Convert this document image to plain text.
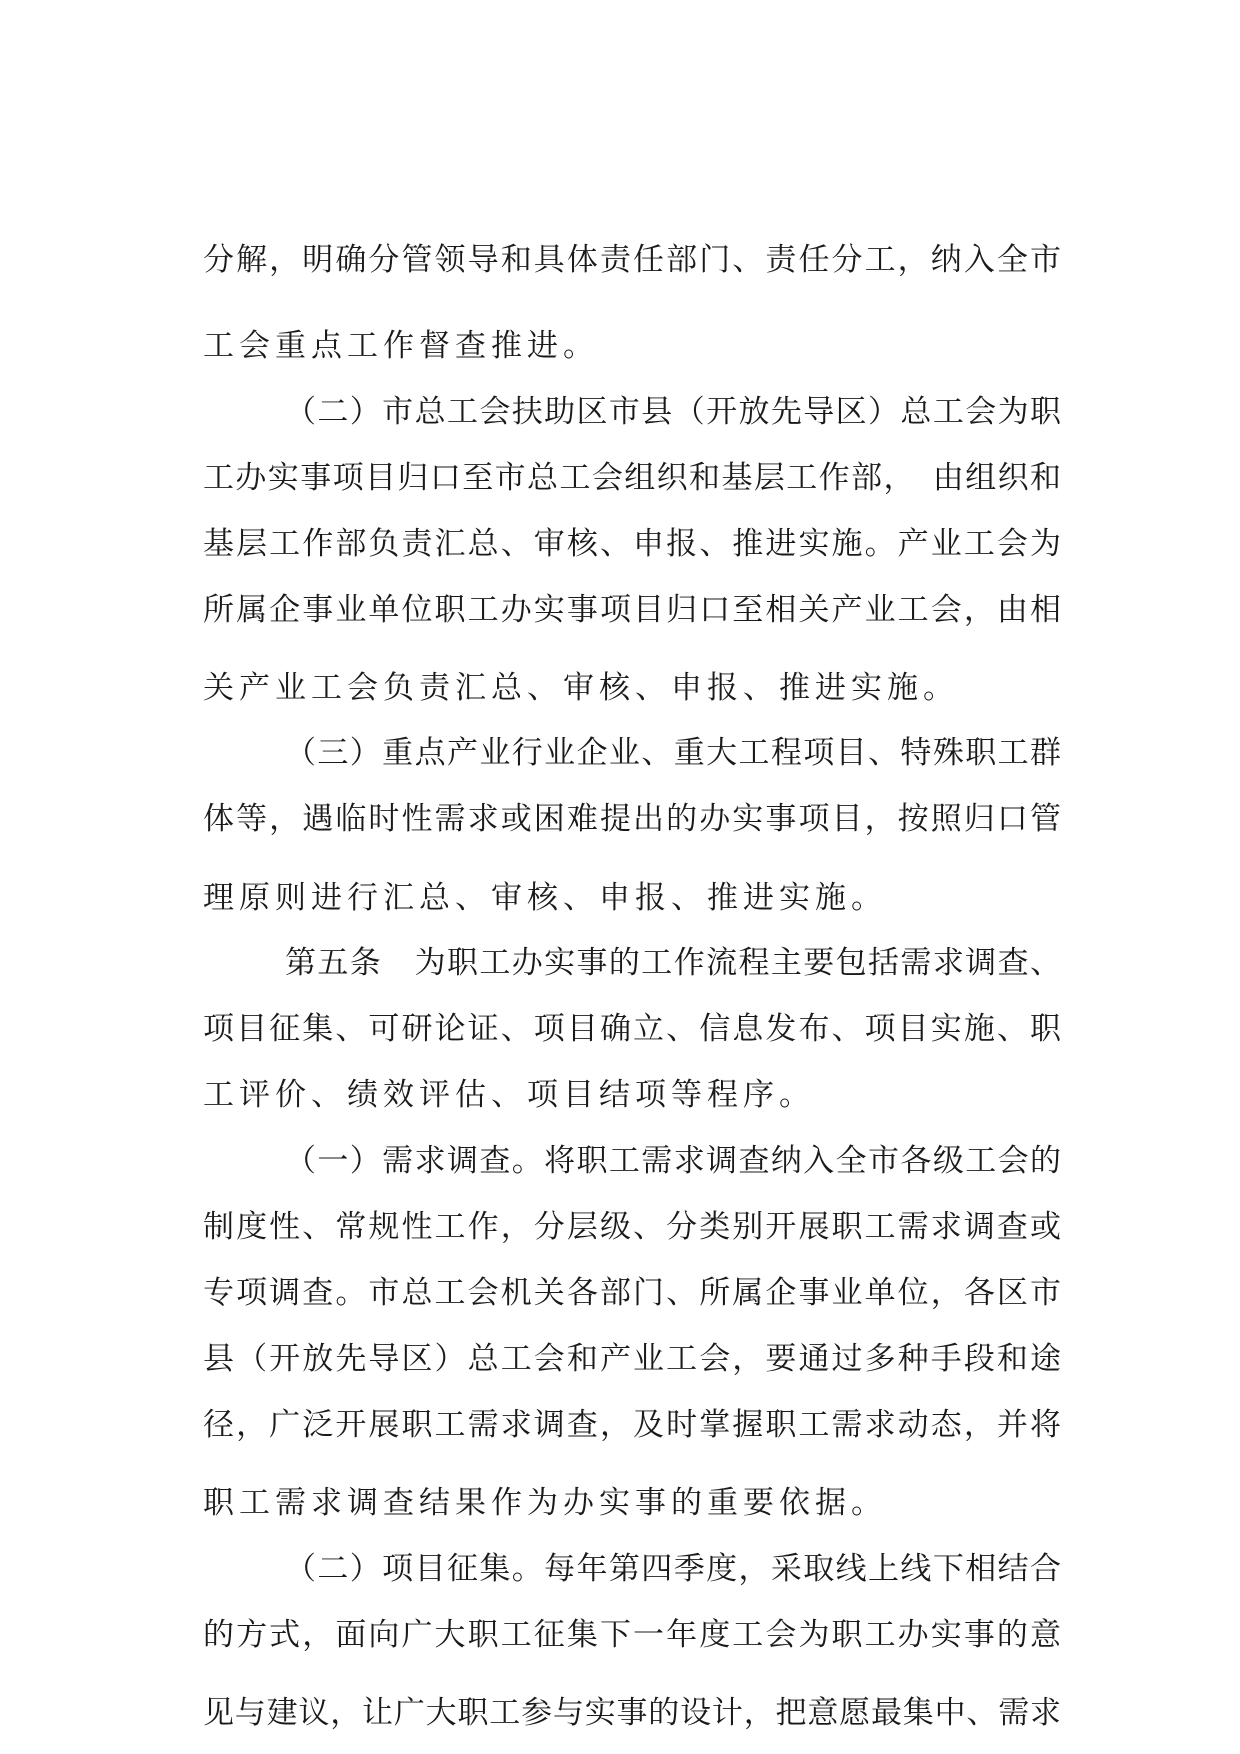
分解，明确分管领导和具体责任部门、责任分工，纳入全市
工会重点工作督查推进。
（二）市总工会扶助区市县（开放先导区）总工会为职
工办实事项目归口至市总工会组织和基层工作部，　由组织和
基层工作部负责汇总、审核、申报、推进实施。产业工会为
所属企事业单位职工办实事项目归口至相关产业工会，由相
关产业工会负责汇总、审核、申报、推进实施。
（三）重点产业行业企业、重大工程项目、特殊职工群
体等，遇临时性需求或困难提出的办实事项目，按照归口管
理原则进行汇总、审核、申报、推进实施。
第五条　为职工办实事的工作流程主要包括需求调查、
项目征集、可研论证、项目确立、信息发布、项目实施、职
工评价、绩效评估、项目结项等程序。
（一）需求调查。将职工需求调查纳入全市各级工会的
制度性、常规性工作，分层级、分类别开展职工需求调查或
专项调查。市总工会机关各部门、所属企事业单位，各区市
县（开放先导区）总工会和产业工会，要通过多种手段和途
径，广泛开展职工需求调查，及时掌握职工需求动态，并将
职工需求调查结果作为办实事的重要依据。
（二）项目征集。每年第四季度，采取线上线下相结合
的方式，面向广大职工征集下一年度工会为职工办实事的意
见与建议，让广大职工参与实事的设计，把意愿最集中、需求
